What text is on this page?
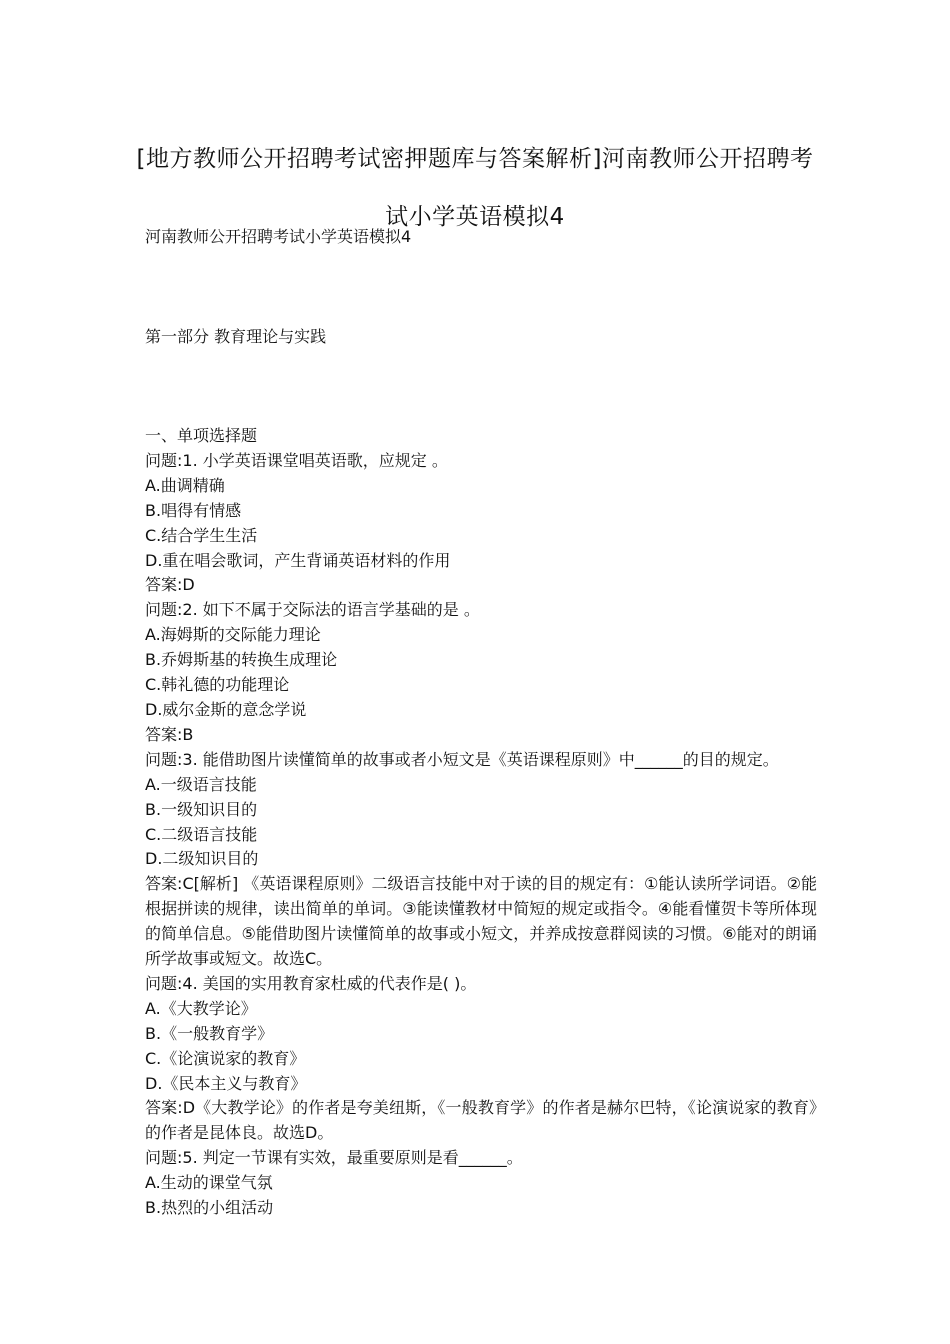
[地方教师公开招聘考试密押题库与答案解析]河南教师公开招聘考试小学英语模拟4
河南教师公开招聘考试小学英语模拟4
第一部分 教育理论与实践

一、单项选择题

问题:1. 小学英语课堂唱英语歌，应规定 。

A.曲调精确

B.唱得有情感

C.结合学生生活

D.重在唱会歌词，产生背诵英语材料的作用

答案:D

问题:2. 如下不属于交际法的语言学基础的是 。

A.海姆斯的交际能力理论

B.乔姆斯基的转换生成理论

C.韩礼德的功能理论

D.威尔金斯的意念学说

答案:B

问题:3. 能借助图片读懂简单的故事或者小短文是《英语课程原则》中______的目的规定。

A.一级语言技能

B.一级知识目的

C.二级语言技能

D.二级知识目的

答案:C[解析] 《英语课程原则》二级语言技能中对于读的目的规定有：①能认读所学词语。②能根据拼读的规律，读出简单的单词。③能读懂教材中简短的规定或指令。④能看懂贺卡等所体现的简单信息。⑤能借助图片读懂简单的故事或小短文，并养成按意群阅读的习惯。⑥能对的朗诵所学故事或短文。故选C。

问题:4. 美国的实用教育家杜威的代表作是( )。

A.《大教学论》

B.《一般教育学》

C.《论演说家的教育》

D.《民本主义与教育》

答案:D《大教学论》的作者是夸美纽斯，《一般教育学》的作者是赫尔巴特，《论演说家的教育》的作者是昆体良。故选D。

问题:5. 判定一节课有实效，最重要原则是看______。

A.生动的课堂气氛

B.热烈的小组活动
